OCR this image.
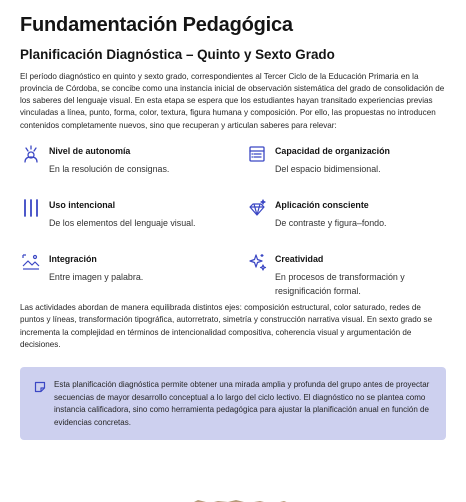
Fundamentación Pedagógica
Planificación Diagnóstica – Quinto y Sexto Grado

El período diagnóstico en quinto y sexto grado, correspondientes al Tercer Ciclo de la Educación Primaria en la provincia de Córdoba, se concibe como una instancia inicial de observación sistemática del grado de consolidación de los saberes del lenguaje visual. En esta etapa se espera que los estudiantes hayan transitado experiencias previas vinculadas a línea, punto, forma, color, textura, figura humana y composición. Por ello, las propuestas no introducen contenidos completamente nuevos, sino que recuperan y articulan saberes para relevar:

Nivel de autonomía
En la resolución de consignas.
Capacidad de organización
Del espacio bidimensional.
Uso intencional
De los elementos del lenguaje visual.
Aplicación consciente
De contraste y figura–fondo.
Integración
Entre imagen y palabra.
Creatividad
En procesos de transformación y resignificación formal.

Las actividades abordan de manera equilibrada distintos ejes: composición estructural, color saturado, redes de puntos y líneas, transformación tipográfica, autorretrato, simetría y construcción narrativa visual. En sexto grado se incrementa la complejidad en términos de intencionalidad compositiva, coherencia visual y argumentación de decisiones.

Esta planificación diagnóstica permite obtener una mirada amplia y profunda del grupo antes de proyectar secuencias de mayor desarrollo conceptual a lo largo del ciclo lectivo. El diagnóstico no se plantea como instancia calificadora, sino como herramienta pedagógica para ajustar la planificación anual en función de evidencias concretas.
